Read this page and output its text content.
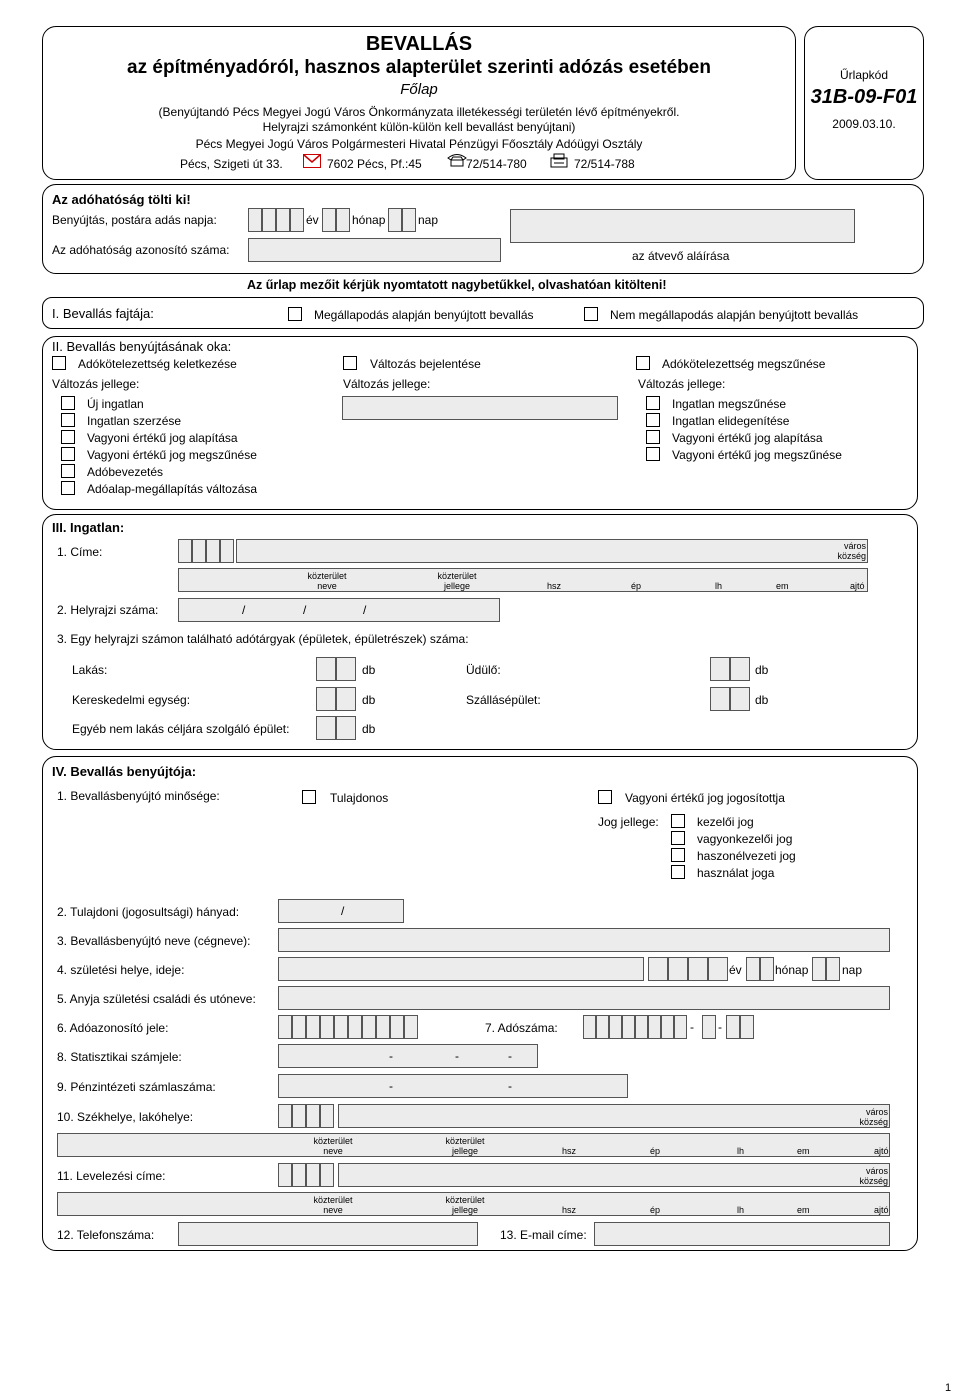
BEVALLÁS
az építményadóról, hasznos alapterület szerinti adózás esetében
Főlap
(Benyújtandó Pécs Megyei Jogú Város Önkormányzata illetékességi területén lévő építményekről.
Helyrajzi számonként külön-külön kell bevallást benyújtani)
Pécs Megyei Jogú Város Polgármesteri Hivatal Pénzügyi Főosztály Adóügyi Osztály
Pécs, Szigeti út 33.	7602 Pécs, Pf.:45	72/514-780	72/514-788
Űrlapkód
31B-09-F01
2009.03.10.
Az adóhatóság tölti ki!
Benyújtás, postára adás napja:	év	hónap	nap
Az adóhatóság azonosító száma:	az átvevő aláírása
Az űrlap mezőit kérjük nyomtatott nagybetűkkel, olvashatóan kitölteni!
I. Bevallás fajtája:	Megállapodás alapján benyújtott bevallás	Nem megállapodás alapján benyújtott bevallás
II. Bevallás benyújtásának oka:
Adókötelezettség keletkezése	Változás bejelentése	Adókötelezettség megszűnése
Változás jellege:	Változás jellege:	Változás jellege:
Új ingatlan
Ingatlan szerzése
Vagyoni értékű jog alapítása
Vagyoni értékű jog megszűnése
Adóbevezetés
Adóalap-megállapítás változása
Ingatlan megszűnése
Ingatlan elidegenítése
Vagyoni értékű jog alapítása
Vagyoni értékű jog megszűnése
III. Ingatlan:
1. Címe:	város
község
közterület
neve
közterület
jellege	hsz	ép	lh	em	ajtó
2. Helyrajzi száma:	/	/	/
3. Egy helyrajzi számon található adótárgyak (épületek, épületrészek) száma:
Lakás:	db	Üdülő:	db
Kereskedelmi egység:	db	Szállásépület:	db
Egyéb nem lakás céljára szolgáló épület:	db
IV. Bevallás benyújtója:
1. Bevallásbenyújtó minősége:	Tulajdonos	Vagyoni értékű jog jogosítottja
Jog jellege:	kezelői jog
vagyonkezelői jog
haszonélvezeti jog
használat joga
2. Tulajdoni (jogosultsági) hányad:	/
3. Bevallásbenyújtó neve (cégneve):
4. születési helye, ideje:	év	hónap	nap
5. Anyja születési családi és utóneve:
6. Adóazonosító jele:	7. Adószáma:	- -
8. Statisztikai számjele:	-	-	-
9. Pénzintézeti számlaszáma:	-	-
10. Székhelye, lakóhelye:	város
község
közterület
neve
közterület
jellege	hsz	ép	lh	em	ajtó
11. Levelezési címe:	város
község
közterület
neve
közterület
jellege	hsz	ép	lh	em	ajtó
12. Telefonszáma:	13. E-mail címe:
1
